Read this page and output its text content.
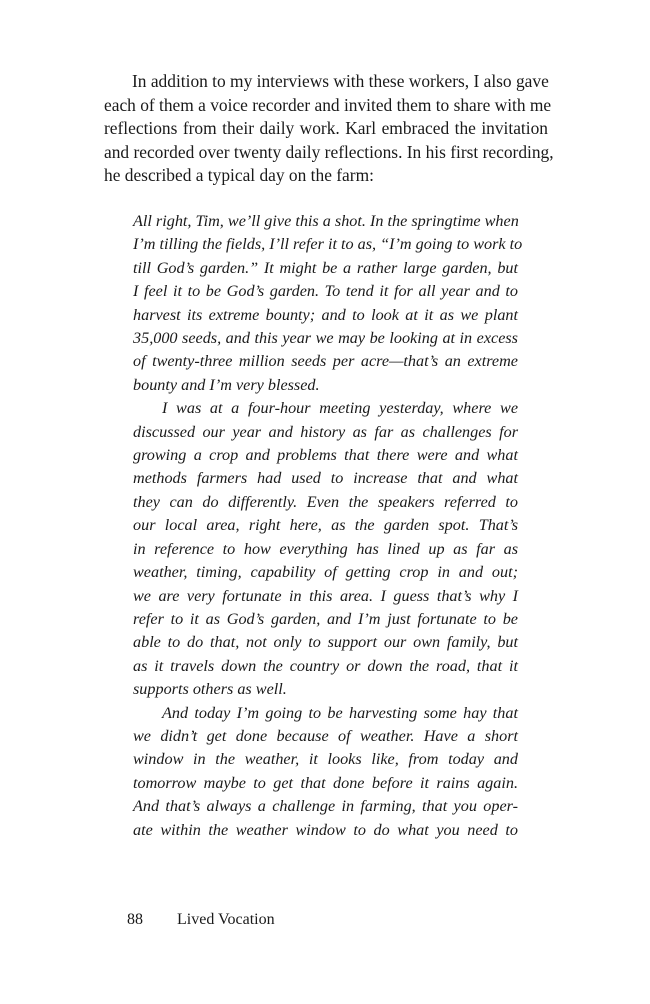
In addition to my interviews with these workers, I also gave
each of them a voice recorder and invited them to share with me
reflections from their daily work. Karl embraced the invitation
and recorded over twenty daily reflections. In his first recording,
he described a typical day on the farm:
All right, Tim, we’ll give this a shot. In the springtime when
I’m tilling the fields, I’ll refer it to as, “I’m going to work to
till God’s garden.” It might be a rather large garden, but
I feel it to be God’s garden. To tend it for all year and to
harvest its extreme bounty; and to look at it as we plant
35,000 seeds, and this year we may be looking at in excess
of twenty-three million seeds per acre—that’s an extreme
bounty and I’m very blessed.
I was at a four-hour meeting yesterday, where we
discussed our year and history as far as challenges for
growing a crop and problems that there were and what
methods farmers had used to increase that and what
they can do differently. Even the speakers referred to
our local area, right here, as the garden spot. That’s
in reference to how everything has lined up as far as
weather, timing, capability of getting crop in and out;
we are very fortunate in this area. I guess that’s why I
refer to it as God’s garden, and I’m just fortunate to be
able to do that, not only to support our own family, but
as it travels down the country or down the road, that it
supports others as well.
And today I’m going to be harvesting some hay that
we didn’t get done because of weather. Have a short
window in the weather, it looks like, from today and
tomorrow maybe to get that done before it rains again.
And that’s always a challenge in farming, that you oper-
ate within the weather window to do what you need to
88	Lived Vocation
